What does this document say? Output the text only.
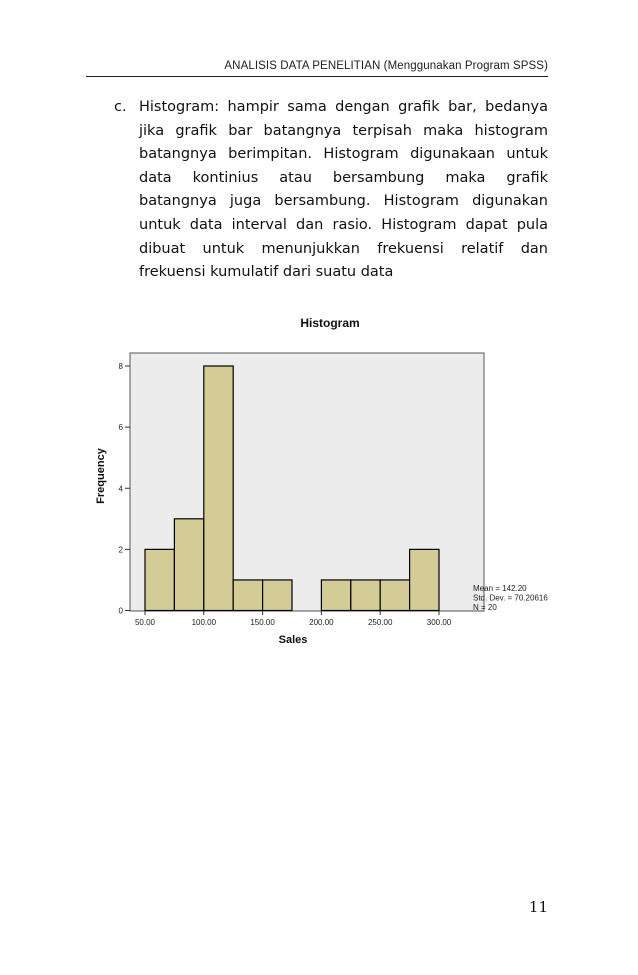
ANALISIS DATA PENELITIAN (Menggunakan Program SPSS)
c. Histogram: hampir sama dengan grafik bar, bedanya jika grafik bar batangnya terpisah maka histogram batangnya berimpitan. Histogram digunakaan untuk data kontinius atau bersambung maka grafik batangnya juga bersambung. Histogram digunakan untuk data interval dan rasio. Histogram dapat pula dibuat untuk menunjukkan frekuensi relatif dan frekuensi kumulatif dari suatu data
Histogram
0
2
4
6
8
50.00	100.00	150.00	200.00	250.00	300.00
Frequency
Sales
Mean = 142.20
Std. Dev. = 70.20616
N = 20
11
